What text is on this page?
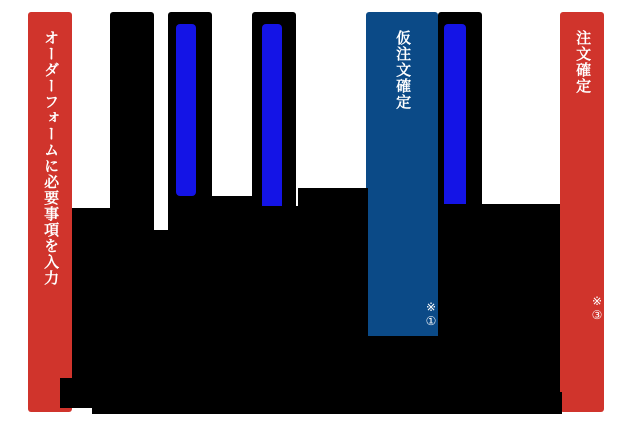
オーダーフォームに必要事項を入力	仮注文確定
※①
注文確定
※③
